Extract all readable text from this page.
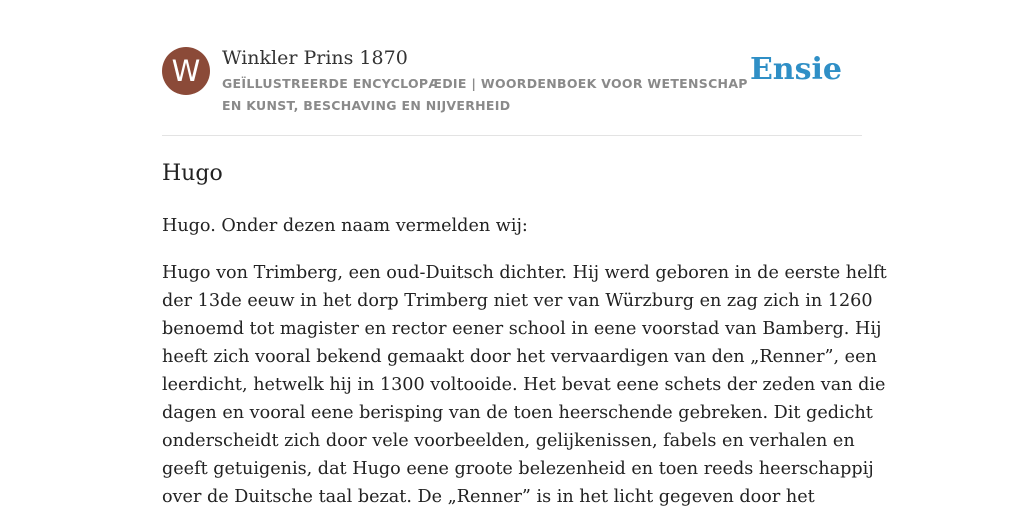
W	Winkler Prins 1870
GEÏLLUSTREERDE ENCYCLOPÆDIE | WOORDENBOEK VOOR WETENSCHAP EN KUNST, BESCHAVING EN NIJVERHEID
Ensie
Hugo

Hugo. Onder dezen naam vermelden wij:

Hugo von Trimberg, een oud-Duitsch dichter. Hij werd geboren in de eerste helft
der 13de eeuw in het dorp Trimberg niet ver van Würzburg en zag zich in 1260
benoemd tot magister en rector eener school in eene voorstad van Bamberg. Hij
heeft zich vooral bekend gemaakt door het vervaardigen van den „Renner”, een
leerdicht, hetwelk hij in 1300 voltooide. Het bevat eene schets der zeden van die
dagen en vooral eene berisping van de toen heerschende gebreken. Dit gedicht
onderscheidt zich door vele voorbeelden, gelijkenissen, fabels en verhalen en
geeft getuigenis, dat Hugo eene groote belezenheid en toen reeds heerschappij
over de Duitsche taal bezat. De „Renner” is in het licht gegeven door het
